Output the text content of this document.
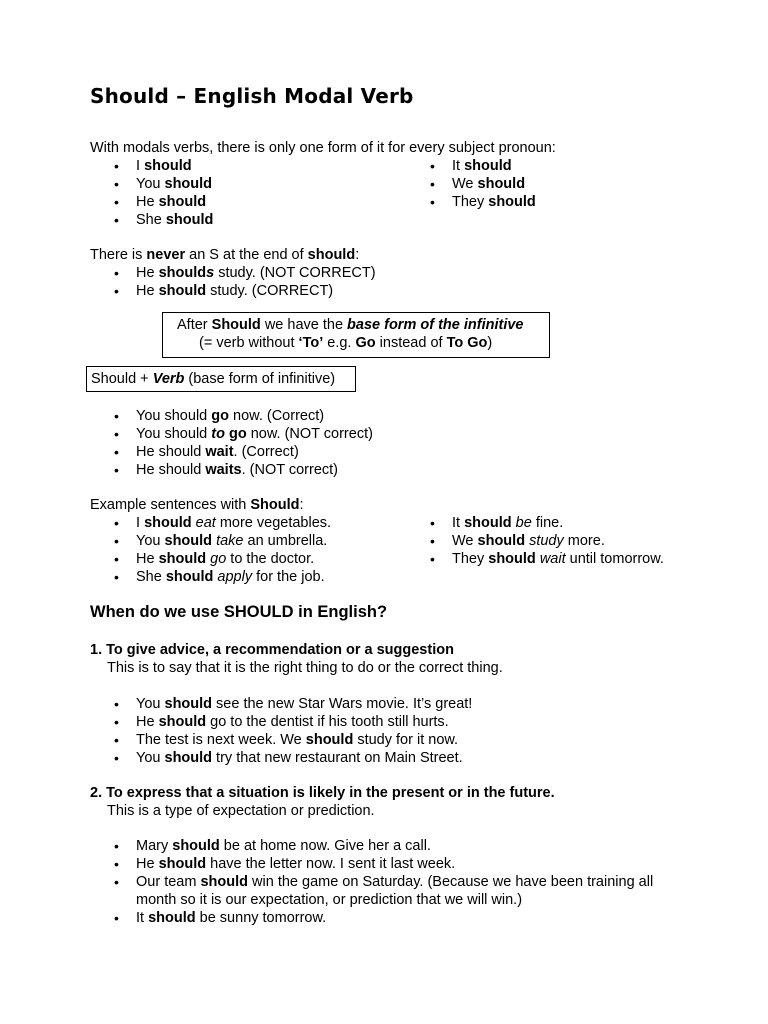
Should – English Modal Verb

With modals verbs, there is only one form of it for every subject pronoun:

• I should
• You should
• He should
• She should
• It should
• We should
• They should

There is never an S at the end of should:

• He shoulds study. (NOT CORRECT)
• He should study. (CORRECT)
After Should we have the base form of the infinitive
(= verb without ‘To’ e.g. Go instead of To Go)
Should + Verb (base form of infinitive)
• You should go now. (Correct)
• You should to go now. (NOT correct)
• He should wait. (Correct)
• He should waits. (NOT correct)

Example sentences with Should:

• I should eat more vegetables.
• You should take an umbrella.
• He should go to the doctor.
• She should apply for the job.
• It should be fine.
• We should study more.
• They should wait until tomorrow.
When do we use SHOULD in English?

1. To give advice, a recommendation or a suggestion

This is to say that it is the right thing to do or the correct thing.

• You should see the new Star Wars movie. It’s great!
• He should go to the dentist if his tooth still hurts.
• The test is next week. We should study for it now.
• You should try that new restaurant on Main Street.

2. To express that a situation is likely in the present or in the future.

This is a type of expectation or prediction.

• Mary should be at home now. Give her a call.
• He should have the letter now. I sent it last week.
• Our team should win the game on Saturday. (Because we have been training all
month so it is our expectation, or prediction that we will win.)
• It should be sunny tomorrow.
